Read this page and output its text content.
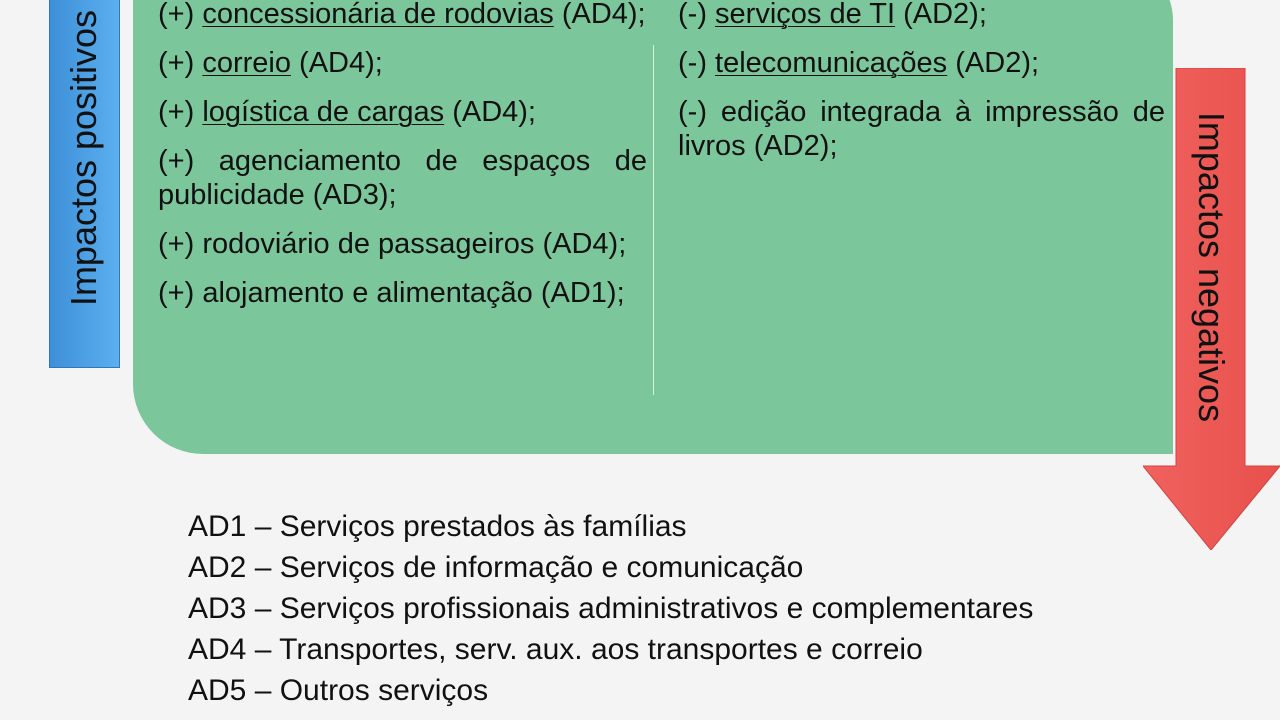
Impactos positivos (+) concessionária de rodovias (AD4);
(+) correio (AD4);
(+) logística de cargas (AD4);
(+) agenciamento de espaços de publicidade (AD3);
(+) rodoviário de passageiros (AD4);
(+) alojamento e alimentação (AD1);
(-) serviços de TI (AD2);
(-) telecomunicações (AD2);
(-) edição integrada à impressão de livros (AD2);	Impactos negativos
AD1 – Serviços prestados às famílias
AD2 – Serviços de informação e comunicação
AD3 – Serviços profissionais administrativos e complementares
AD4 – Transportes, serv. aux. aos transportes e correio
AD5 – Outros serviços
